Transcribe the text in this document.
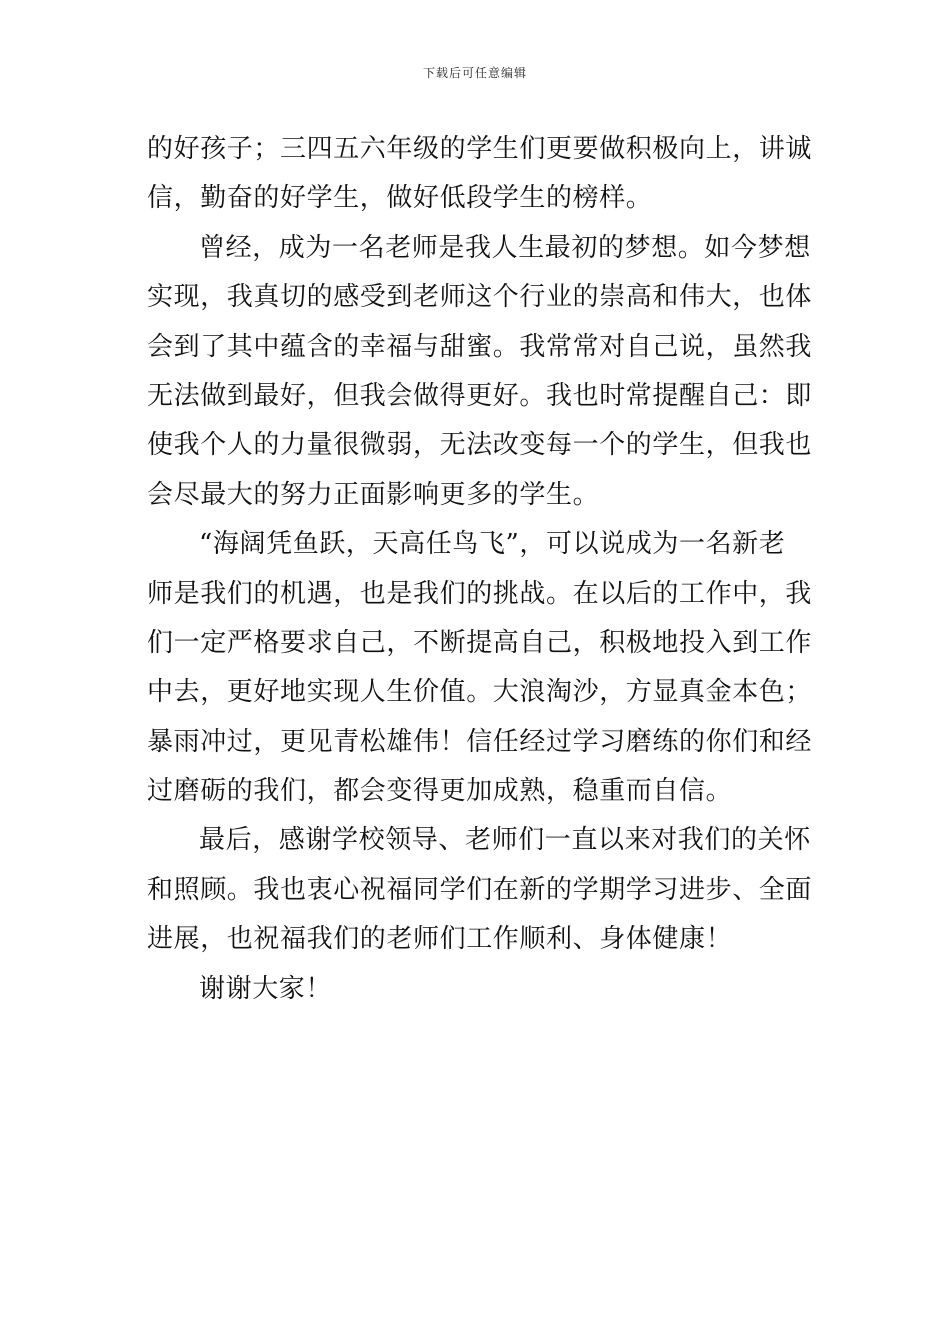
下载后可任意编辑
的好孩子；三四五六年级的学生们更要做积极向上，讲诚
信，勤奋的好学生，做好低段学生的榜样。
曾经，成为一名老师是我人生最初的梦想。如今梦想
实现，我真切的感受到老师这个行业的崇高和伟大，也体
会到了其中蕴含的幸福与甜蜜。我常常对自己说，虽然我
无法做到最好，但我会做得更好。我也时常提醒自己：即
使我个人的力量很微弱，无法改变每一个的学生，但我也
会尽最大的努力正面影响更多的学生。
“海阔凭鱼跃，天高任鸟飞”，可以说成为一名新老
师是我们的机遇，也是我们的挑战。在以后的工作中，我
们一定严格要求自己，不断提高自己，积极地投入到工作
中去，更好地实现人生价值。大浪淘沙，方显真金本色；
暴雨冲过，更见青松雄伟！信任经过学习磨练的你们和经
过磨砺的我们，都会变得更加成熟，稳重而自信。
最后，感谢学校领导、老师们一直以来对我们的关怀
和照顾。我也衷心祝福同学们在新的学期学习进步、全面
进展，也祝福我们的老师们工作顺利、身体健康！
谢谢大家！
